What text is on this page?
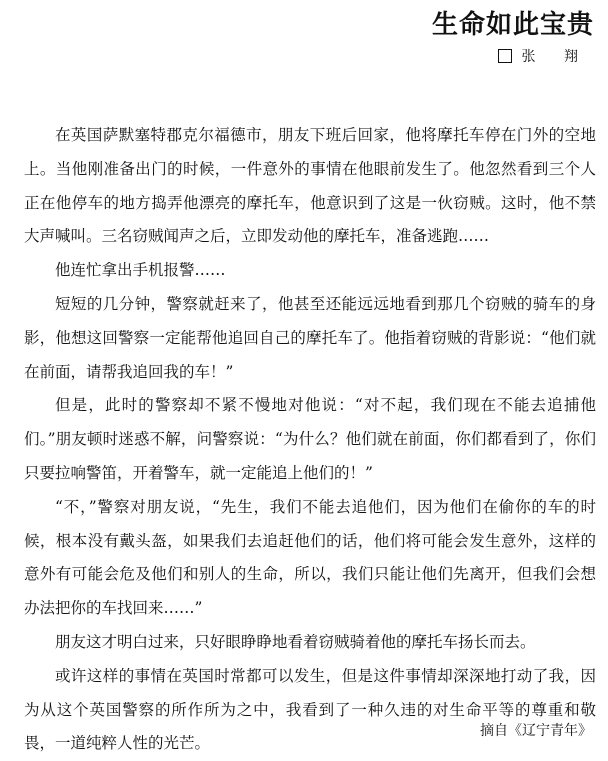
生命如此宝贵
张 翔

在英国萨默塞特郡克尔福德市，朋友下班后回家，他将摩托车停在门外的空地上。当他刚准备出门的时候，一件意外的事情在他眼前发生了。他忽然看到三个人正在他停车的地方捣弄他漂亮的摩托车，他意识到了这是一伙窃贼。这时，他不禁大声喊叫。三名窃贼闻声之后，立即发动他的摩托车，准备逃跑……

他连忙拿出手机报警……

短短的几分钟，警察就赶来了，他甚至还能远远地看到那几个窃贼的骑车的身影，他想这回警察一定能帮他追回自己的摩托车了。他指着窃贼的背影说：“他们就在前面，请帮我追回我的车！”

但是，此时的警察却不紧不慢地对他说：“对不起，我们现在不能去追捕他们。”朋友顿时迷惑不解，问警察说：“为什么？他们就在前面，你们都看到了，你们只要拉响警笛，开着警车，就一定能追上他们的！”

“不，”警察对朋友说，“先生，我们不能去追他们，因为他们在偷你的车的时候，根本没有戴头盔，如果我们去追赶他们的话，他们将可能会发生意外，这样的意外有可能会危及他们和别人的生命，所以，我们只能让他们先离开，但我们会想办法把你的车找回来……”

朋友这才明白过来，只好眼睁睁地看着窃贼骑着他的摩托车扬长而去。

或许这样的事情在英国时常都可以发生，但是这件事情却深深地打动了我，因为从这个英国警察的所作所为之中，我看到了一种久违的对生命平等的尊重和敬畏，一道纯粹人性的光芒。

摘自《辽宁青年》
